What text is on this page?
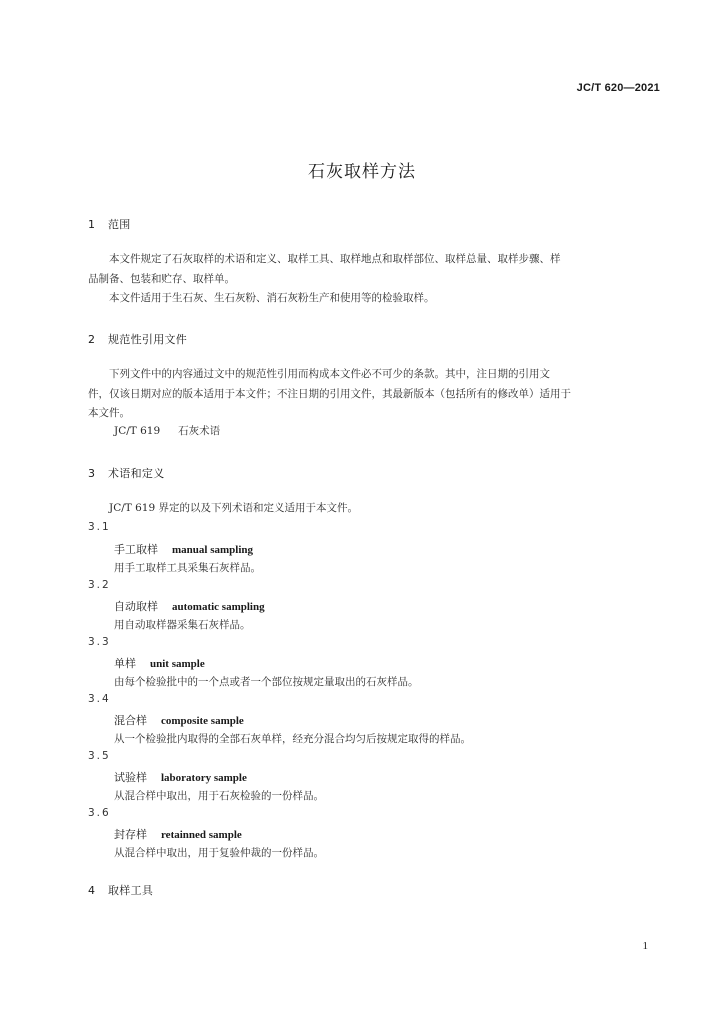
JC/T 620—2021
石灰取样方法
1 范围
本文件规定了石灰取样的术语和定义、取样工具、取样地点和取样部位、取样总量、取样步骤、样
品制备、包装和贮存、取样单。
本文件适用于生石灰、生石灰粉、消石灰粉生产和使用等的检验取样。
2 规范性引用文件
下列文件中的内容通过文中的规范性引用而构成本文件必不可少的条款。其中，注日期的引用文
件，仅该日期对应的版本适用于本文件；不注日期的引用文件，其最新版本（包括所有的修改单）适用于
本文件。
JC/T 619 石灰术语
3 术语和定义
JC/T 619 界定的以及下列术语和定义适用于本文件。
3.1
手工取样 manual sampling
用手工取样工具采集石灰样品。
3.2
自动取样 automatic sampling
用自动取样器采集石灰样品。
3.3
单样 unit sample
由每个检验批中的一个点或者一个部位按规定量取出的石灰样品。
3.4
混合样 composite sample
从一个检验批内取得的全部石灰单样，经充分混合均匀后按规定取得的样品。
3.5
试验样 laboratory sample
从混合样中取出，用于石灰检验的一份样品。
3.6
封存样 retainned sample
从混合样中取出，用于复验仲裁的一份样品。
4 取样工具
1
